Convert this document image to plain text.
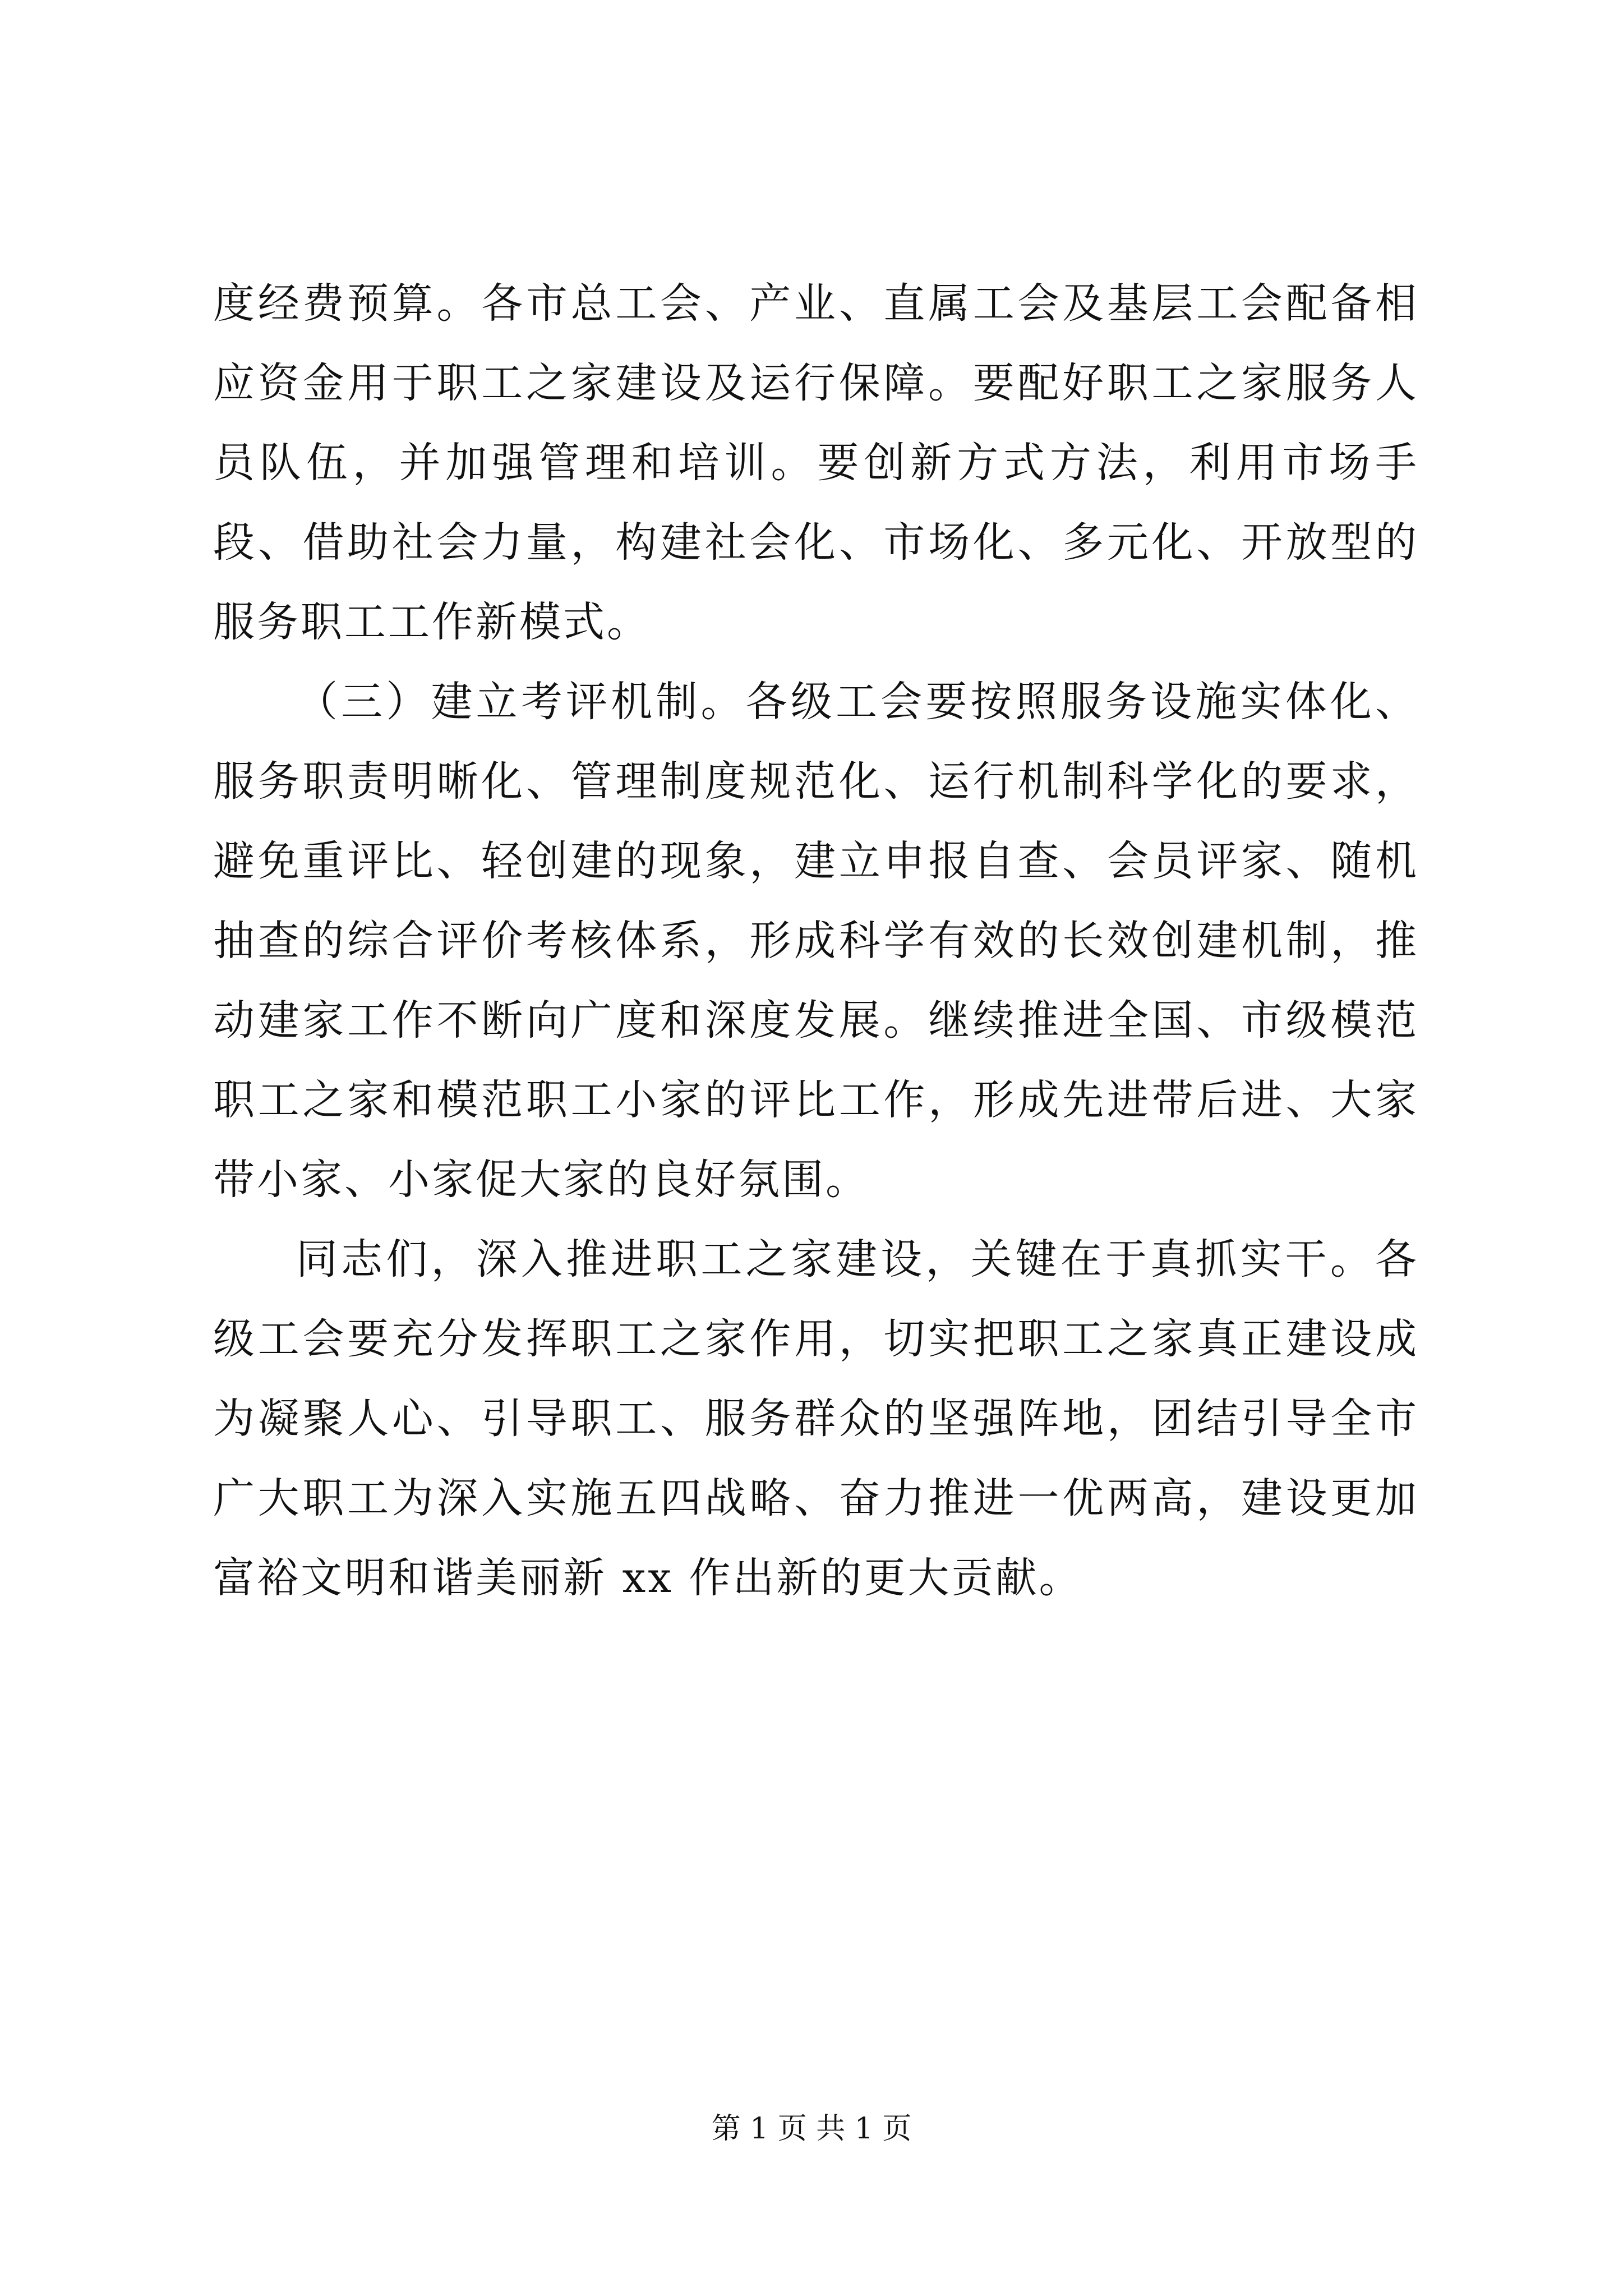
度经费预算。各市总工会、产业、直属工会及基层工会配备相应资金用于职工之家建设及运行保障。要配好职工之家服务人员队伍，并加强管理和培训。要创新方式方法，利用市场手段、借助社会力量，构建社会化、市场化、多元化、开放型的服务职工工作新模式。

（三）建立考评机制。各级工会要按照服务设施实体化、服务职责明晰化、管理制度规范化、运行机制科学化的要求，避免重评比、轻创建的现象，建立申报自查、会员评家、随机抽查的综合评价考核体系，形成科学有效的长效创建机制，推动建家工作不断向广度和深度发展。继续推进全国、市级模范职工之家和模范职工小家的评比工作，形成先进带后进、大家带小家、小家促大家的良好氛围。

同志们，深入推进职工之家建设，关键在于真抓实干。各级工会要充分发挥职工之家作用，切实把职工之家真正建设成为凝聚人心、引导职工、服务群众的坚强阵地，团结引导全市广大职工为深入实施五四战略、奋力推进一优两高，建设更加富裕文明和谐美丽新 xx 作出新的更大贡献。

第 1 页 共 1 页
